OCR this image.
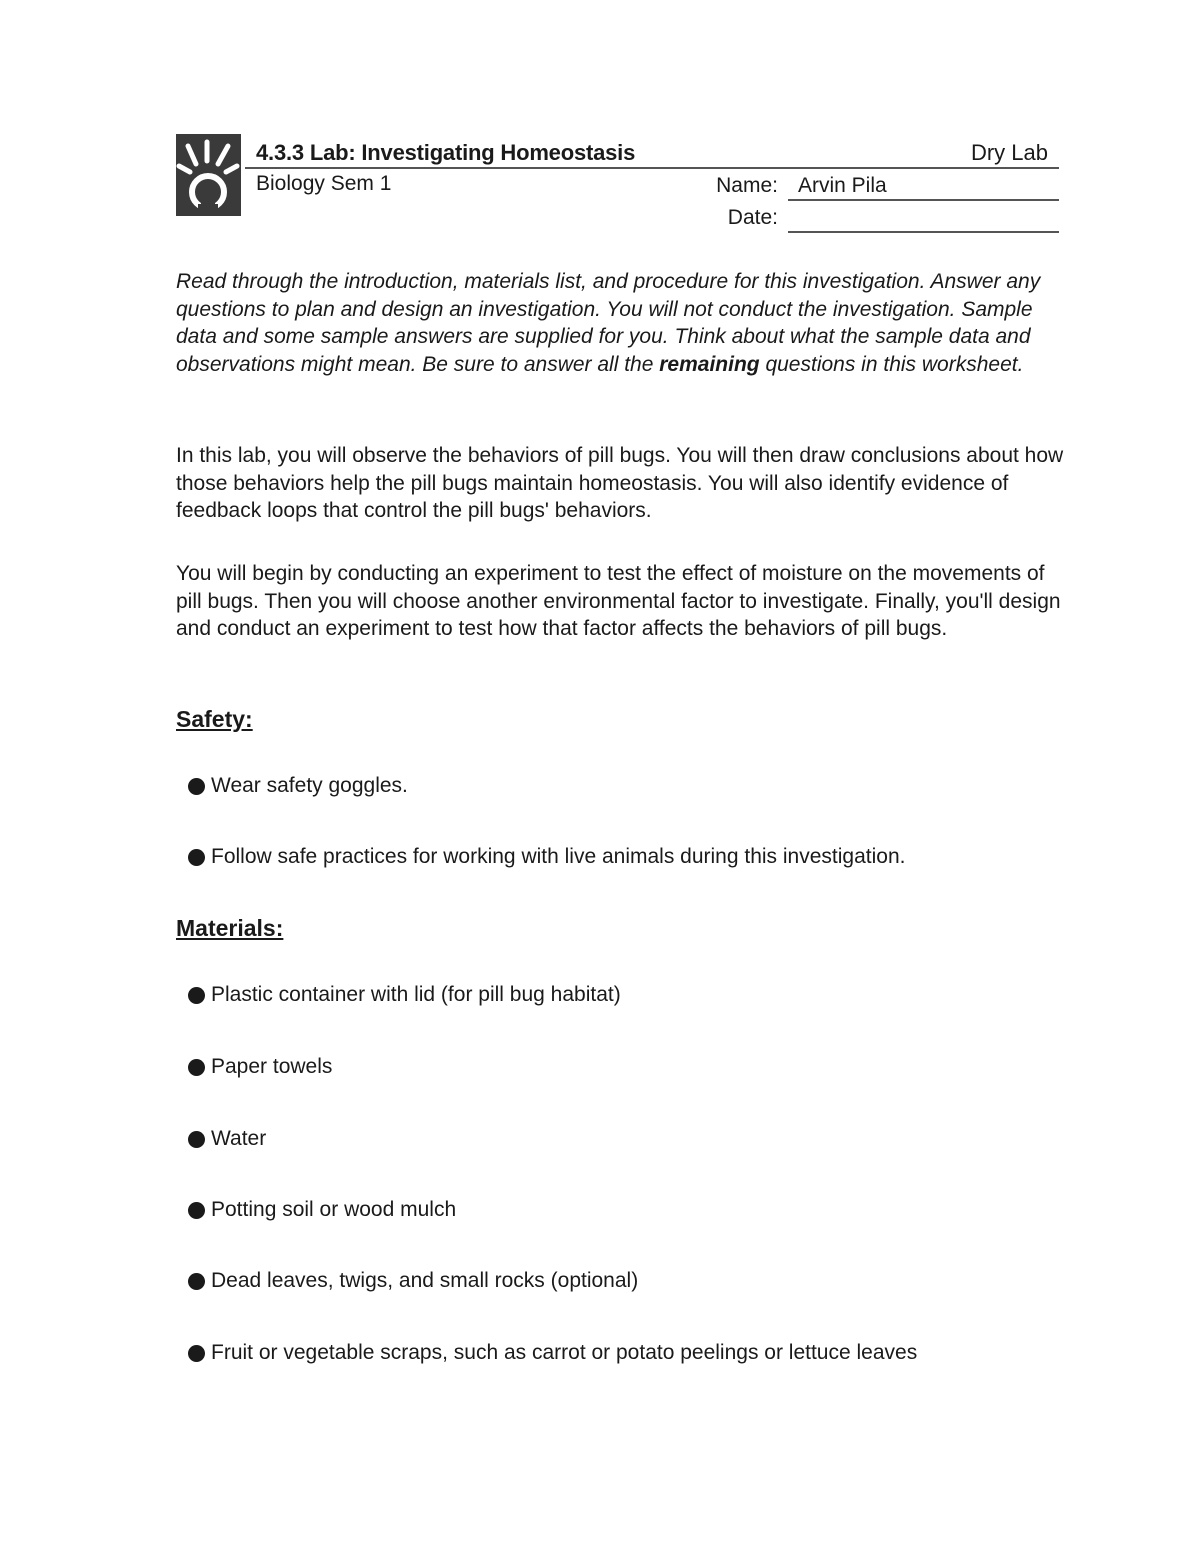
4.3.3 Lab: Investigating Homeostasis	Dry Lab
Biology Sem 1	Name: Arvin Pila
Date:

Read through the introduction, materials list, and procedure for this investigation. Answer any questions to plan and design an investigation. You will not conduct the investigation. Sample data and some sample answers are supplied for you. Think about what the sample data and observations might mean. Be sure to answer all the remaining questions in this worksheet.

In this lab, you will observe the behaviors of pill bugs. You will then draw conclusions about how those behaviors help the pill bugs maintain homeostasis. You will also identify evidence of feedback loops that control the pill bugs' behaviors.

You will begin by conducting an experiment to test the effect of moisture on the movements of pill bugs. Then you will choose another environmental factor to investigate. Finally, you'll design and conduct an experiment to test how that factor affects the behaviors of pill bugs.

Safety:
Wear safety goggles.
Follow safe practices for working with live animals during this investigation.
Materials:
Plastic container with lid (for pill bug habitat)
Paper towels
Water
Potting soil or wood mulch
Dead leaves, twigs, and small rocks (optional)
Fruit or vegetable scraps, such as carrot or potato peelings or lettuce leaves
